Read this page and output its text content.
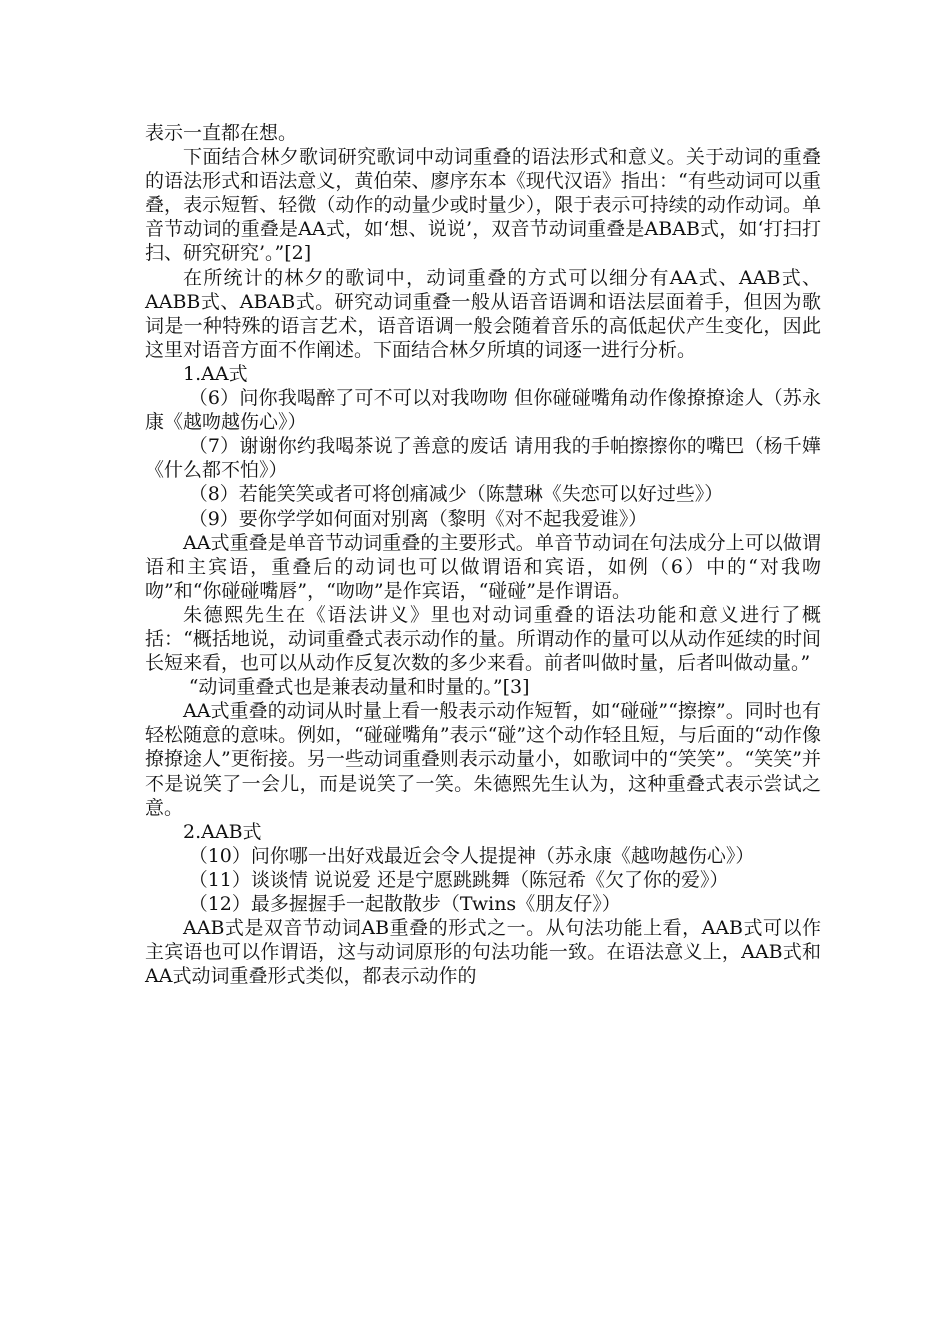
表示一直都在想。

下面结合林夕歌词研究歌词中动词重叠的语法形式和意义。关于动词的重叠的语法形式和语法意义，黄伯荣、廖序东本《现代汉语》指出：“有些动词可以重叠，表示短暂、轻微（动作的动量少或时量少），限于表示可持续的动作动词。单音节动词的重叠是AA式，如‘想、说说’，双音节动词重叠是ABAB式，如‘打扫打扫、研究研究’。”[2]

在所统计的林夕的歌词中，动词重叠的方式可以细分有AA式、AAB式、AABB式、ABAB式。研究动词重叠一般从语音语调和语法层面着手，但因为歌词是一种特殊的语言艺术，语音语调一般会随着音乐的高低起伏产生变化，因此这里对语音方面不作阐述。下面结合林夕所填的词逐一进行分析。

1.AA式

（6）问你我喝醉了可不可以对我吻吻 但你碰碰嘴角动作像撩撩途人（苏永康《越吻越伤心》）

（7）谢谢你约我喝茶说了善意的废话 请用我的手帕擦擦你的嘴巴（杨千嬅《什么都不怕》）

（8）若能笑笑或者可将创痛减少（陈慧琳《失恋可以好过些》）

（9）要你学学如何面对别离（黎明《对不起我爱谁》）

AA式重叠是单音节动词重叠的主要形式。单音节动词在句法成分上可以做谓语和主宾语，重叠后的动词也可以做谓语和宾语，如例（6）中的“对我吻吻”和“你碰碰嘴唇”，“吻吻”是作宾语，“碰碰”是作谓语。

朱德熙先生在《语法讲义》里也对动词重叠的语法功能和意义进行了概括：“概括地说，动词重叠式表示动作的量。所谓动作的量可以从动作延续的时间长短来看，也可以从动作反复次数的多少来看。前者叫做时量，后者叫做动量。”

“动词重叠式也是兼表动量和时量的。”[3]

AA式重叠的动词从时量上看一般表示动作短暂，如“碰碰”“擦擦”。同时也有轻松随意的意味。例如，“碰碰嘴角”表示“碰”这个动作轻且短，与后面的“动作像撩撩途人”更衔接。另一些动词重叠则表示动量小，如歌词中的“笑笑”。“笑笑”并不是说笑了一会儿，而是说笑了一笑。朱德熙先生认为，这种重叠式表示尝试之意。

2.AAB式

（10）问你哪一出好戏最近会令人提提神（苏永康《越吻越伤心》）

（11）谈谈情 说说爱 还是宁愿跳跳舞（陈冠希《欠了你的爱》）

（12）最多握握手一起散散步（Twins《朋友仔》）

AAB式是双音节动词AB重叠的形式之一。从句法功能上看，AAB式可以作主宾语也可以作谓语，这与动词原形的句法功能一致。在语法意义上，AAB式和AA式动词重叠形式类似，都表示动作的
